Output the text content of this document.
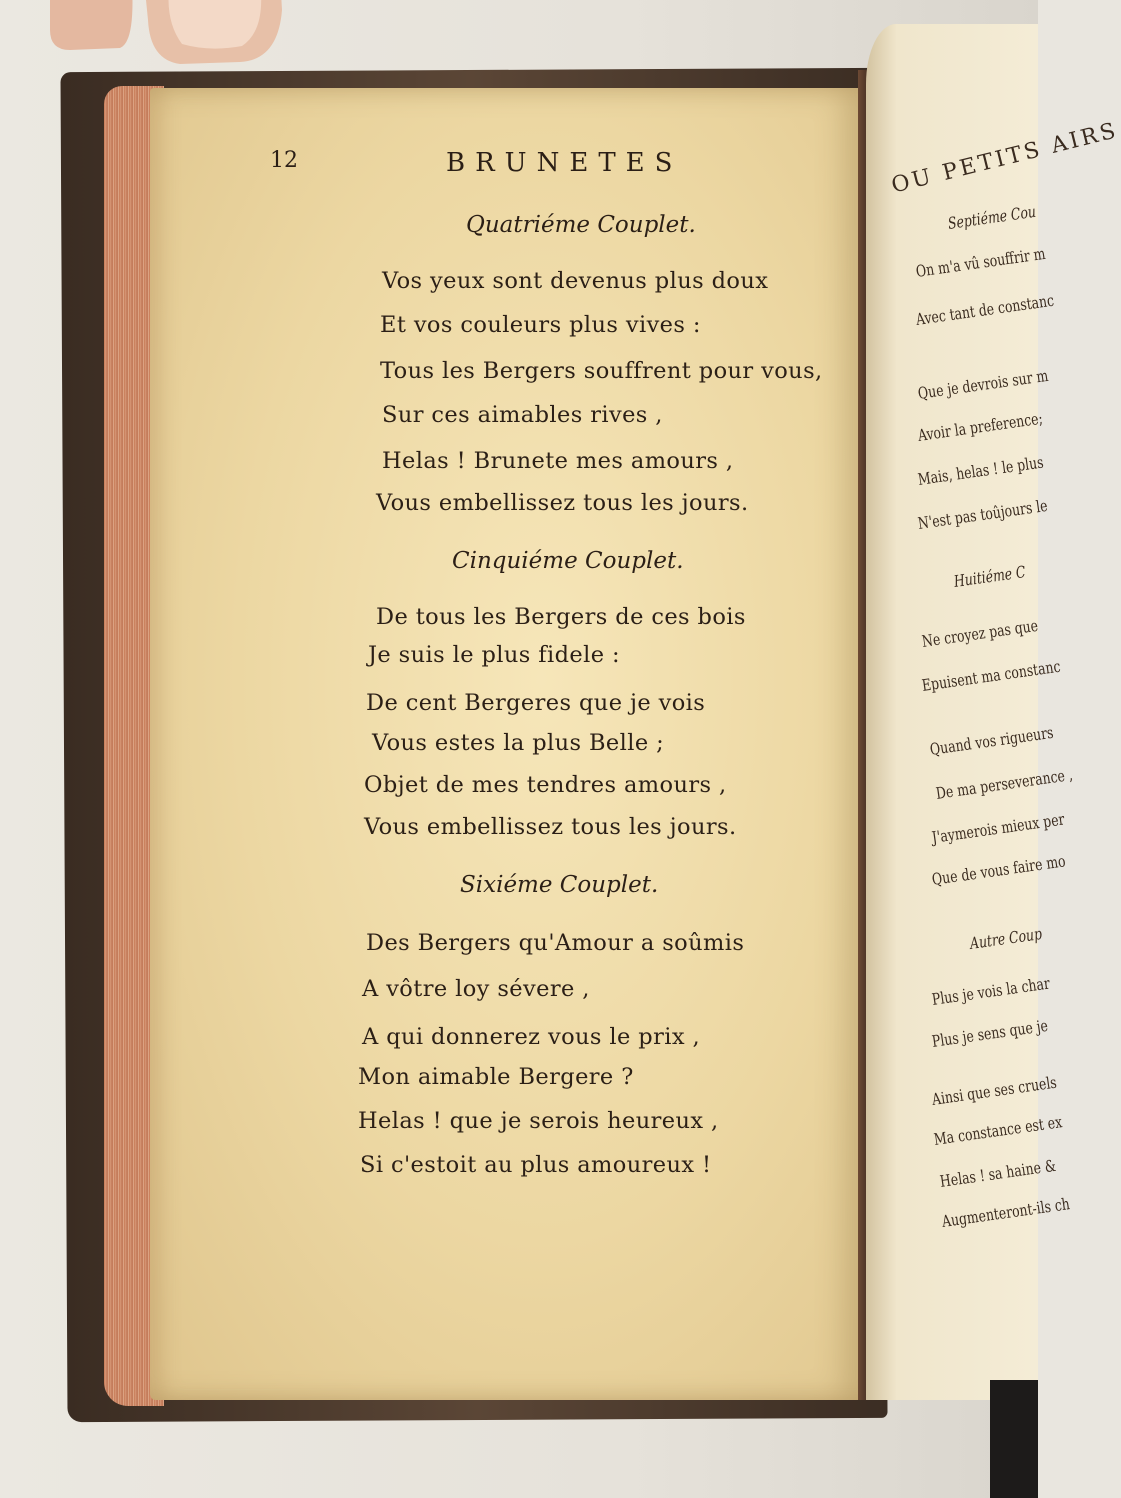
OU PETITS AIRS
Septiéme Cou
On m'a vû souffrir m
Avec tant de constanc
Que je devrois sur m
Avoir la preference;
Mais, helas ! le plus
N'est pas toûjours le
Huitiéme C
Ne croyez pas que
Epuisent ma constanc
Quand vos rigueurs
De ma perseverance ,
J'aymerois mieux per
Que de vous faire mo
Autre Coup
Plus je vois la char
Plus je sens que je
Ainsi que ses cruels
Ma constance est ex
Helas ! sa haine &
Augmenteront-ils ch
12	BRUNETES
Quatriéme Couplet.
Vos yeux sont devenus plus doux
Et vos couleurs plus vives :
Tous les Bergers souffrent pour vous,
Sur ces aimables rives ,
Helas ! Brunete mes amours ,
Vous embellissez tous les jours.
Cinquiéme Couplet.
De tous les Bergers de ces bois
Je suis le plus fidele :
De cent Bergeres que je vois
Vous estes la plus Belle ;
Objet de mes tendres amours ,
Vous embellissez tous les jours.
Sixiéme Couplet.
Des Bergers qu'Amour a soûmis
A vôtre loy sévere ,
A qui donnerez vous le prix ,
Mon aimable Bergere ?
Helas ! que je serois heureux ,
Si c'estoit au plus amoureux !
